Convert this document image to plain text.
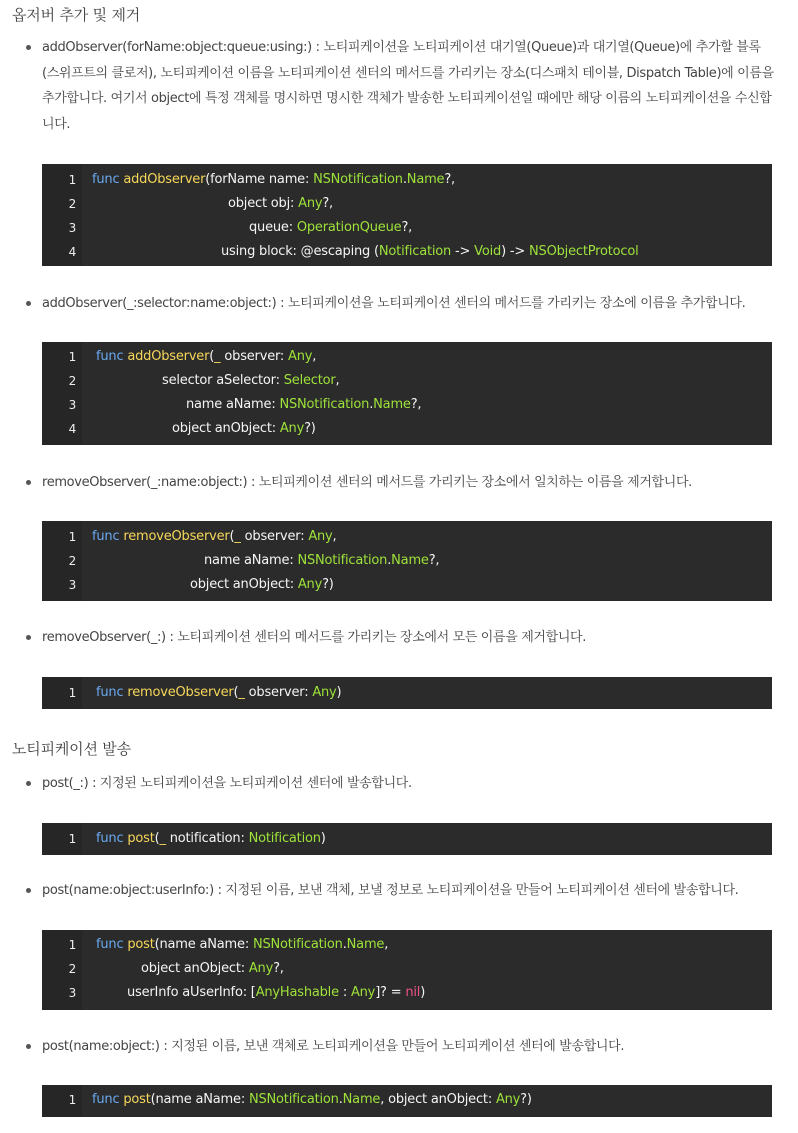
옵저버 추가 및 제거
addObserver(forName:object:queue:using:) : 노티피케이션을 노티피케이션 대기열(Queue)과 대기열(Queue)에 추가할 블록(스위프트의 클로저), 노티피케이션 이름을 노티피케이션 센터의 메서드를 가리키는 장소(디스패치 테이블, Dispatch Table)에 이름을 추가합니다. 여기서 object에 특정 객체를 명시하면 명시한 객체가 발송한 노티피케이션일 때에만 해당 이름의 노티피케이션을 수신합니다.
1 func addObserver(forName name: NSNotification.Name?,
2	object obj: Any?,
3	queue: OperationQueue?,
4	using block: @escaping (Notification -> Void) -> NSObjectProtocol
addObserver(_:selector:name:object:) : 노티피케이션을 노티피케이션 센터의 메서드를 가리키는 장소에 이름을 추가합니다.
1 func addObserver(_ observer: Any,
2	selector aSelector: Selector,
3	name aName: NSNotification.Name?,
4	object anObject: Any?)
removeObserver(_:name:object:) : 노티피케이션 센터의 메서드를 가리키는 장소에서 일치하는 이름을 제거합니다.
1 func removeObserver(_ observer: Any,
2	name aName: NSNotification.Name?,
3	object anObject: Any?)
removeObserver(_:) : 노티피케이션 센터의 메서드를 가리키는 장소에서 모든 이름을 제거합니다.
1 func removeObserver(_ observer: Any)
노티피케이션 발송
post(_:) : 지정된 노티피케이션을 노티피케이션 센터에 발송합니다.
1 func post(_ notification: Notification)
post(name:object:userInfo:) : 지정된 이름, 보낸 객체, 보낼 정보로 노티피케이션을 만들어 노티피케이션 센터에 발송합니다.
1 func post(name aName: NSNotification.Name,
2	object anObject: Any?,
3	userInfo aUserInfo: [AnyHashable : Any]? = nil)
post(name:object:) : 지정된 이름, 보낸 객체로 노티피케이션을 만들어 노티피케이션 센터에 발송합니다.
1 func post(name aName: NSNotification.Name, object anObject: Any?)
